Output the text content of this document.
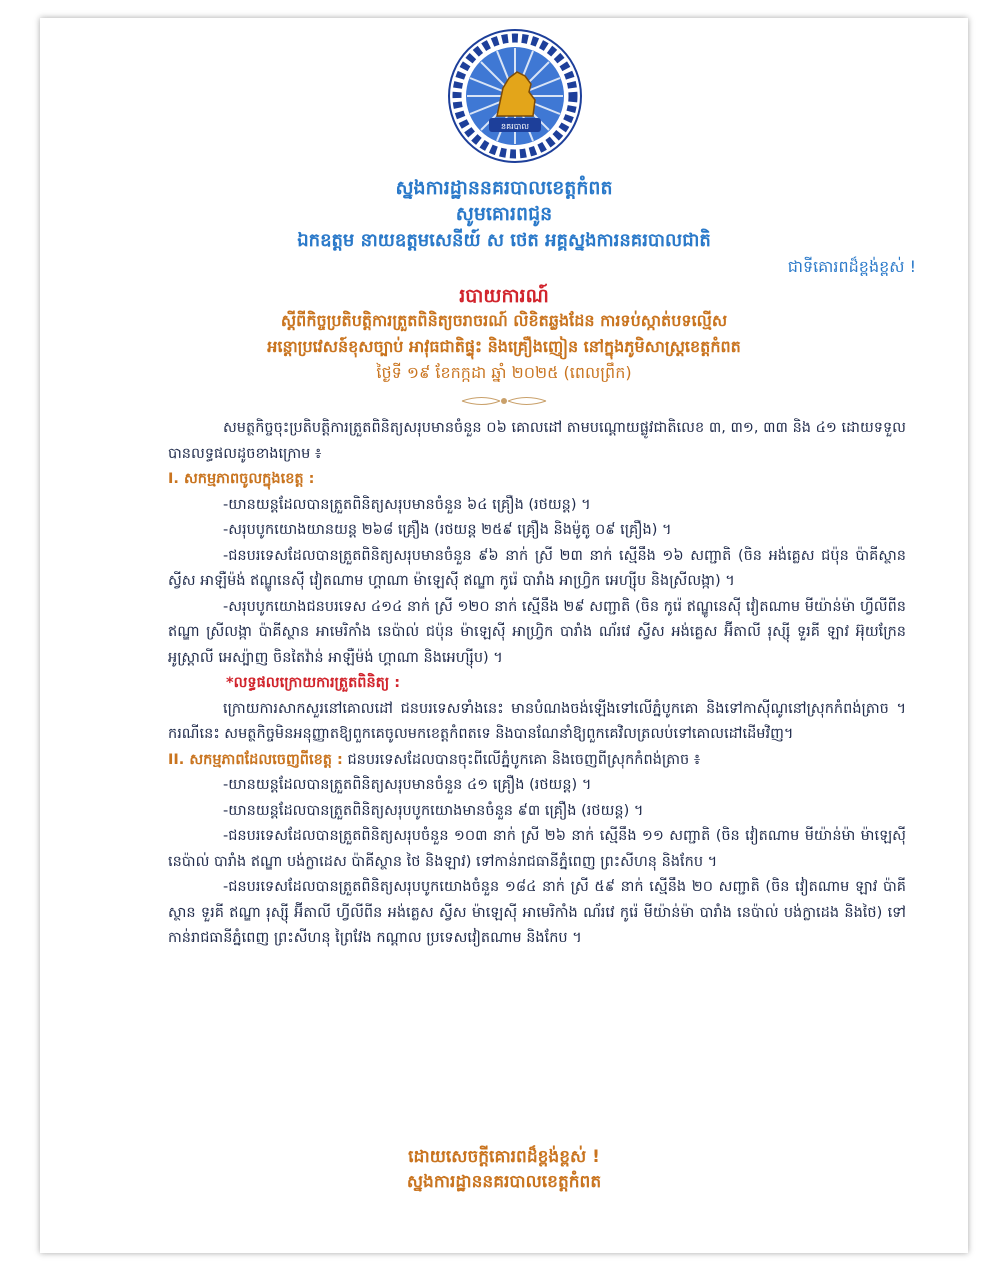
នគរបាល
ស្នងការដ្ឋាននគរបាលខេត្តកំពត
សូមគោរពជូន
ឯកឧត្តម នាយឧត្តមសេនីយ៍ ស ថេត អគ្គស្នងការនគរបាលជាតិ
ជាទីគោរពដ៏ខ្ពង់ខ្ពស់ !
របាយការណ៍
ស្តីពីកិច្ចប្រតិបត្តិការត្រួតពិនិត្យចរាចរណ៍ លិខិតឆ្លងដែន ការទប់ស្កាត់បទល្មើស
អន្តោប្រវេសន៍ខុសច្បាប់ អាវុធជាតិផ្ទុះ និងគ្រឿងញៀន នៅក្នុងភូមិសាស្រ្តខេត្តកំពត
ថ្ងៃទី ១៩ ខែកក្កដា ឆ្នាំ ២០២៥ (ពេលព្រឹក)

សមត្ថកិច្ចចុះប្រតិបត្តិការត្រួតពិនិត្យសរុបមានចំនួន ០៦ គោលដៅ តាមបណ្តោយផ្លូវជាតិលេខ ៣, ៣១, ៣៣ និង ៤១ ដោយទទួលបានលទ្ធផលដូចខាងក្រោម ៖

I. សកម្មភាពចូលក្នុងខេត្ត :

-យានយន្តដែលបានត្រួតពិនិត្យសរុបមានចំនួន ៦៤ គ្រឿង (រថយន្ត) ។

-សរុបបូកយោងយានយន្ត ២៦៨ គ្រឿង (រថយន្ត ២៥៩ គ្រឿង និងម៉ូតូ ០៩ គ្រឿង) ។

-ជនបរទេសដែលបានត្រួតពិនិត្យសរុបមានចំនួន ៩៦ នាក់ ស្រី ២៣ នាក់ ស្មើនឹង ១៦ សញ្ជាតិ (ចិន អង់គ្លេស ជប៉ុន ប៉ាគីស្ថាន ស្វីស អាឡឺម៉ង់ ឥណ្ឌូនេស៊ី វៀតណាម ហ្គាណា ម៉ាឡេស៊ី ឥណ្ឌា កូរ៉េ បារាំង អាហ្វ្រិក អេហ្ស៊ីប និងស្រីលង្កា) ។

-សរុបបូកយោងជនបរទេស ៤១៤ នាក់ ស្រី ១២០ នាក់ ស្មើនឹង ២៩ សញ្ជាតិ (ចិន កូរ៉េ ឥណ្ឌូនេស៊ី វៀតណាម មីយ៉ាន់ម៉ា ហ្វីលីពីន ឥណ្ឌា ស្រីលង្កា ប៉ាគីស្ថាន អាមេរិកាំង នេប៉ាល់ ជប៉ុន ម៉ាឡេស៊ី អាហ្វ្រិក បារាំង ណ័រវេ ស្វីស អង់គ្លេស អ៊ីតាលី រុស្ស៊ី ទួរគី ឡាវ អ៊ុយក្រែន អូស្ត្រាលី អេស្ប៉ាញ ចិនតៃវ៉ាន់ អាឡឺម៉ង់ ហ្គាណា និងអេហ្ស៊ីប) ។

*លទ្ធផលក្រោយការត្រួតពិនិត្យ :

ក្រោយការសាកសួរនៅគោលដៅ ជនបរទេសទាំងនេះ មានបំណងចង់ឡើងទៅលើភ្នំបូកគោ និងទៅកាស៊ីណូនៅស្រុកកំពង់ត្រាច ។ ករណីនេះ សមត្ថកិច្ចមិនអនុញ្ញាតឱ្យពួកគេចូលមកខេត្តកំពតទេ និងបានណែនាំឱ្យពួកគេវិលត្រលប់ទៅគោលដៅដើមវិញ។

II. សកម្មភាពដែលចេញពីខេត្ត : ជនបរទេសដែលបានចុះពីលើភ្នំបូកគោ និងចេញពីស្រុកកំពង់ត្រាច ៖

-យានយន្តដែលបានត្រួតពិនិត្យសរុបមានចំនួន ៤១ គ្រឿង (រថយន្ត) ។

-យានយន្តដែលបានត្រួតពិនិត្យសរុបបូកយោងមានចំនួន ៩៣ គ្រឿង (រថយន្ត) ។

-ជនបរទេសដែលបានត្រួតពិនិត្យសរុបចំនួន ១០៣ នាក់ ស្រី ២៦ នាក់ ស្មើនឹង ១១ សញ្ជាតិ (ចិន វៀតណាម មីយ៉ាន់ម៉ា ម៉ាឡេស៊ី នេប៉ាល់ បារាំង ឥណ្ឌា បង់ក្លាដេស ប៉ាគីស្ថាន ថៃ និងឡាវ) ទៅកាន់រាជធានីភ្នំពេញ ព្រះសីហនុ និងកែប ។

-ជនបរទេសដែលបានត្រួតពិនិត្យសរុបបូកយោងចំនួន ១៨៤ នាក់ ស្រី ៥៩ នាក់ ស្មើនឹង ២០ សញ្ជាតិ (ចិន វៀតណាម ឡាវ ប៉ាគីស្ថាន ទួរគី ឥណ្ឌា រុស្ស៊ី អ៊ីតាលី ហ្វីលីពីន អង់គ្លេស ស្វីស ម៉ាឡេស៊ី អាមេរិកាំង ណ័រវេ កូរ៉េ មីយ៉ាន់ម៉ា បារាំង នេប៉ាល់ បង់ក្លាដេង និងថៃ) ទៅកាន់រាជធានីភ្នំពេញ ព្រះសីហនុ ព្រៃវែង កណ្តាល ប្រទេសវៀតណាម និងកែប ។

ដោយសេចក្តីគោរពដ៏ខ្ពង់ខ្ពស់ !
ស្នងការដ្ឋាននគរបាលខេត្តកំពត
